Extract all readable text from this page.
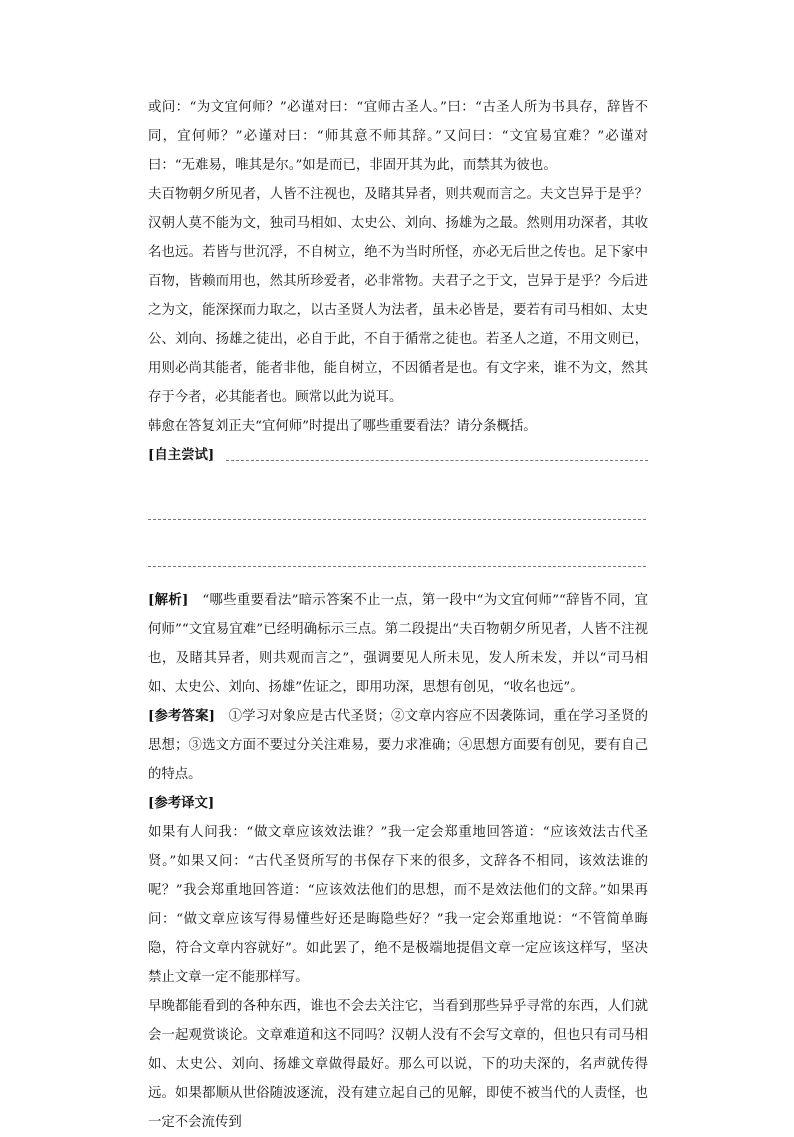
或问：“为文宜何师？”必谨对曰：“宜师古圣人。”曰：“古圣人所为书具存，辞皆不同，宜何师？”必谨对曰：“师其意不师其辞。”又问曰：“文宜易宜难？”必谨对曰：“无难易，唯其是尔。”如是而已，非固开其为此，而禁其为彼也。

夫百物朝夕所见者，人皆不注视也，及睹其异者，则共观而言之。夫文岂异于是乎？汉朝人莫不能为文，独司马相如、太史公、刘向、扬雄为之最。然则用功深者，其收名也远。若皆与世沉浮，不自树立，绝不为当时所怪，亦必无后世之传也。足下家中百物，皆赖而用也，然其所珍爱者，必非常物。夫君子之于文，岂异于是乎？今后进之为文，能深探而力取之，以古圣贤人为法者，虽未必皆是，要若有司马相如、太史公、刘向、扬雄之徒出，必自于此，不自于循常之徒也。若圣人之道，不用文则已，用则必尚其能者，能者非他，能自树立，不因循者是也。有文字来，谁不为文，然其存于今者，必其能者也。顾常以此为说耳。

韩愈在答复刘正夫“宜何师”时提出了哪些重要看法？请分条概括。

[自主尝试]

[解析]　 “哪些重要看法”暗示答案不止一点，第一段中“为文宜何师”“辞皆不同，宜何师”“文宜易宜难”已经明确标示三点。第二段提出“夫百物朝夕所见者，人皆不注视也，及睹其异者，则共观而言之”，强调要见人所未见，发人所未发，并以“司马相如、太史公、刘向、扬雄”佐证之，即用功深，思想有创见，“收名也远”。

[参考答案]　 ①学习对象应是古代圣贤；②文章内容应不因袭陈词，重在学习圣贤的思想；③选文方面不要过分关注难易，要力求准确；④思想方面要有创见，要有自己的特点。

[参考译文]

如果有人问我：“做文章应该效法谁？”我一定会郑重地回答道：“应该效法古代圣贤。”如果又问：“古代圣贤所写的书保存下来的很多，文辞各不相同，该效法谁的呢？”我会郑重地回答道：“应该效法他们的思想，而不是效法他们的文辞。”如果再问：“做文章应该写得易懂些好还是晦隐些好？”我一定会郑重地说：“不管简单晦隐，符合文章内容就好”。如此罢了，绝不是极端地提倡文章一定应该这样写，坚决禁止文章一定不能那样写。

早晚都能看到的各种东西，谁也不会去关注它，当看到那些异乎寻常的东西，人们就会一起观赏谈论。文章难道和这不同吗？汉朝人没有不会写文章的，但也只有司马相如、太史公、刘向、扬雄文章做得最好。那么可以说，下的功夫深的，名声就传得远。如果都顺从世俗随波逐流，没有建立起自己的见解，即使不被当代的人责怪，也一定不会流传到
